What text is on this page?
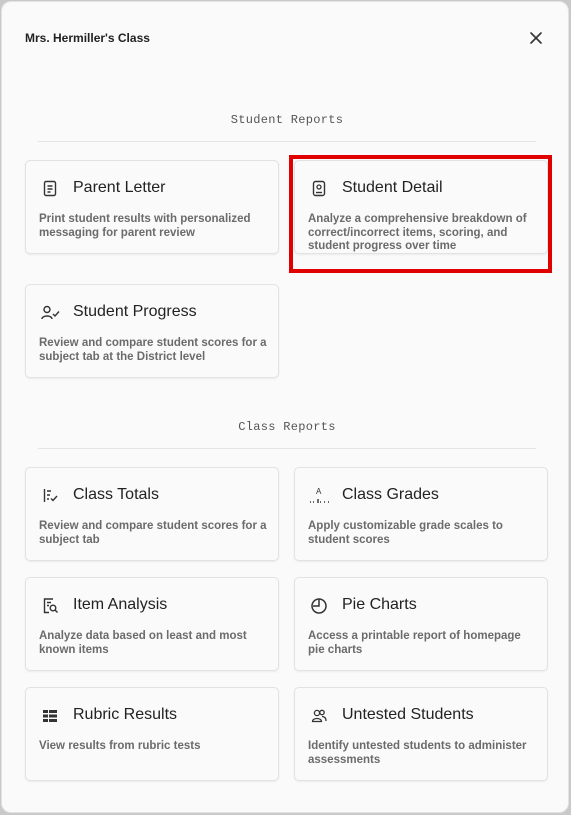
Mrs. Hermiller's Class
Student Reports
Parent Letter
Print student results with personalized messaging for parent review
Student Detail
Analyze a comprehensive breakdown of correct/incorrect items, scoring, and student progress over time
Student Progress
Review and compare student scores for a subject tab at the District level
Class Reports
Class Totals
Review and compare student scores for a subject tab
A Class Grades
Apply customizable grade scales to student scores
Item Analysis
Analyze data based on least and most known items
Pie Charts
Access a printable report of homepage pie charts
Rubric Results
View results from rubric tests
Untested Students
Identify untested students to administer assessments
